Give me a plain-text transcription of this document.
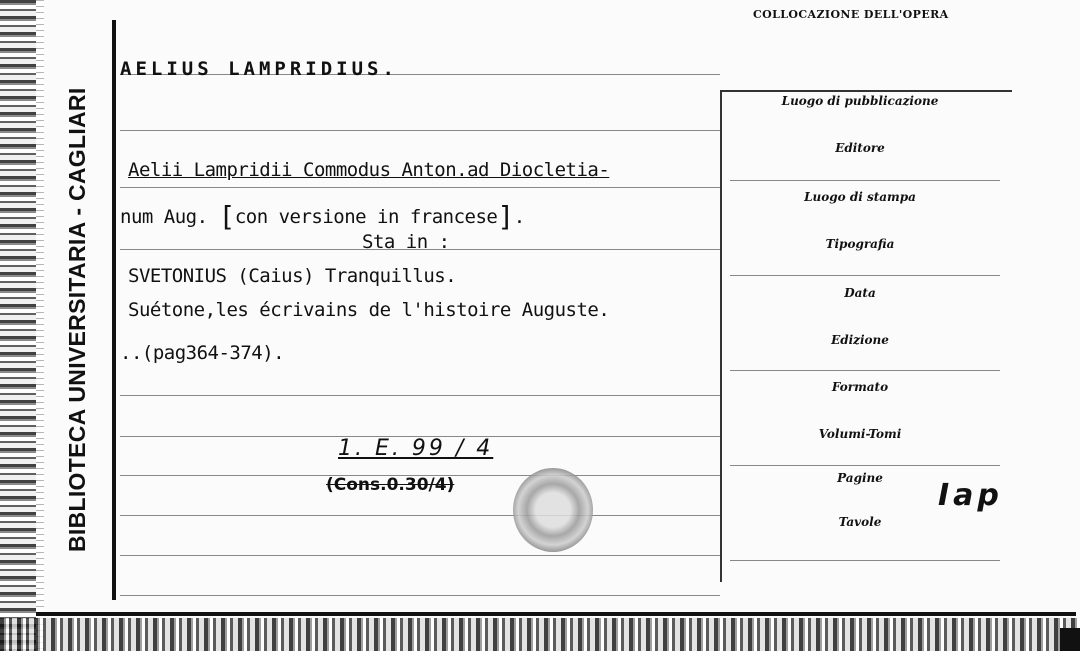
BIBLIOTECA UNIVERSITARIA - CAGLIARI
COLLOCAZIONE DELL'OPERA
AELIUS LAMPRIDIUS.
Aelii Lampridii Commodus Anton.ad Diocletia-
num Aug. [con versione in francese].
Sta in :
SVETONIUS (Caius) Tranquillus.
Suétone,les écrivains de l'histoire Auguste.
..(pag364-374).
1. E. 99 / 4
(Cons.0.30/4)
Luogo di pubblicazione
Editore
Luogo di stampa
Tipografia
Data
Edizione
Formato
Volumi-Tomi
Pagine
Tavole
Iap
